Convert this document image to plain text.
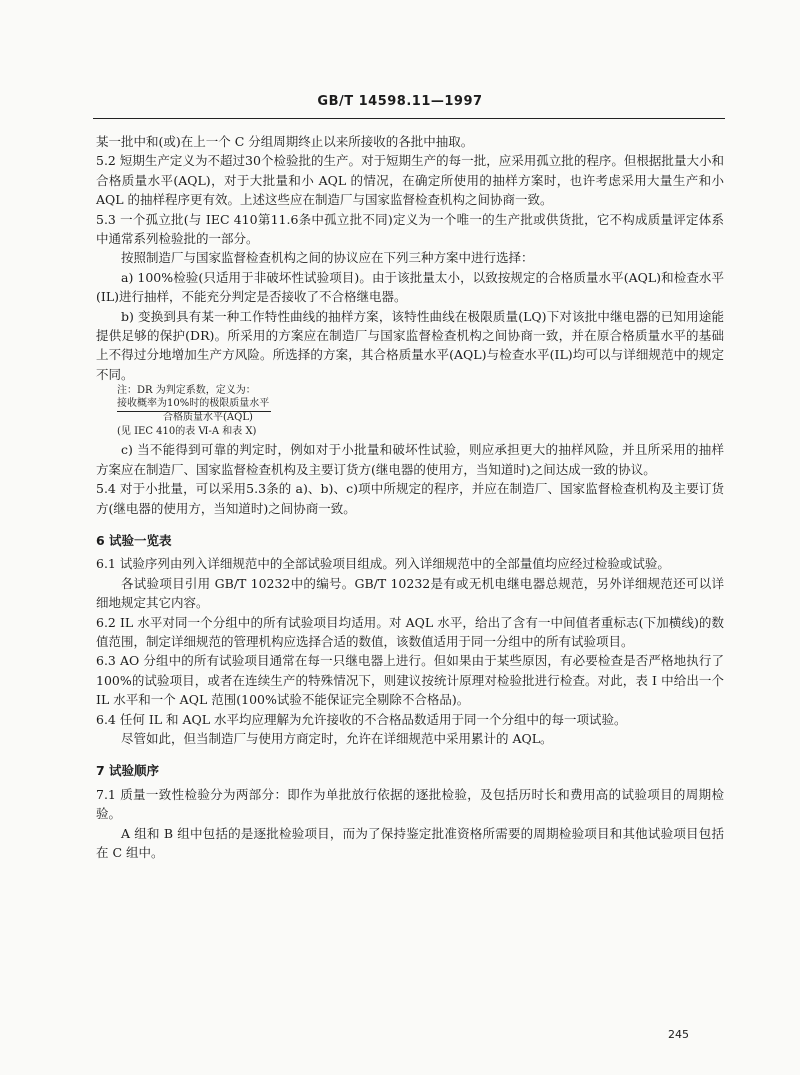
GB/T 14598.11—1997

某一批中和(或)在上一个 C 分组周期终止以来所接收的各批中抽取。

5.2 短期生产定义为不超过30个检验批的生产。对于短期生产的每一批，应采用孤立批的程序。但根据批量大小和合格质量水平(AQL)，对于大批量和小 AQL 的情况，在确定所使用的抽样方案时，也许考虑采用大量生产和小 AQL 的抽样程序更有效。上述这些应在制造厂与国家监督检查机构之间协商一致。

5.3 一个孤立批(与 IEC 410第11.6条中孤立批不同)定义为一个唯一的生产批或供货批，它不构成质量评定体系中通常系列检验批的一部分。

按照制造厂与国家监督检查机构之间的协议应在下列三种方案中进行选择：

a) 100%检验(只适用于非破坏性试验项目)。由于该批量太小，以致按规定的合格质量水平(AQL)和检查水平(IL)进行抽样，不能充分判定是否接收了不合格继电器。

b) 变换到具有某一种工作特性曲线的抽样方案，该特性曲线在极限质量(LQ)下对该批中继电器的已知用途能提供足够的保护(DR)。所采用的方案应在制造厂与国家监督检查机构之间协商一致，并在原合格质量水平的基础上不得过分地增加生产方风险。所选择的方案，其合格质量水平(AQL)与检查水平(IL)均可以与详细规范中的规定不同。

注：DR 为判定系数，定义为：

接收概率为10%时的极限质量水平
合格质量水平(AQL)

(见 IEC 410的表 Ⅵ-A 和表 Ⅹ)

c) 当不能得到可靠的判定时，例如对于小批量和破坏性试验，则应承担更大的抽样风险，并且所采用的抽样方案应在制造厂、国家监督检查机构及主要订货方(继电器的使用方，当知道时)之间达成一致的协议。

5.4 对于小批量，可以采用5.3条的 a)、b)、c)项中所规定的程序，并应在制造厂、国家监督检查机构及主要订货方(继电器的使用方，当知道时)之间协商一致。

6 试验一览表

6.1 试验序列由列入详细规范中的全部试验项目组成。列入详细规范中的全部量值均应经过检验或试验。

各试验项目引用 GB/T 10232中的编号。GB/T 10232是有或无机电继电器总规范，另外详细规范还可以详细地规定其它内容。

6.2 IL 水平对同一个分组中的所有试验项目均适用。对 AQL 水平，给出了含有一中间值者重标志(下加横线)的数值范围，制定详细规范的管理机构应选择合适的数值，该数值适用于同一分组中的所有试验项目。

6.3 AO 分组中的所有试验项目通常在每一只继电器上进行。但如果由于某些原因，有必要检查是否严格地执行了100%的试验项目，或者在连续生产的特殊情况下，则建议按统计原理对检验批进行检查。对此，表 Ⅰ 中给出一个 IL 水平和一个 AQL 范围(100%试验不能保证完全剔除不合格品)。

6.4 任何 IL 和 AQL 水平均应理解为允许接收的不合格品数适用于同一个分组中的每一项试验。

尽管如此，但当制造厂与使用方商定时，允许在详细规范中采用累计的 AQL。

7 试验顺序

7.1 质量一致性检验分为两部分：即作为单批放行依据的逐批检验，及包括历时长和费用高的试验项目的周期检验。

A 组和 B 组中包括的是逐批检验项目，而为了保持鉴定批准资格所需要的周期检验项目和其他试验项目包括在 C 组中。

245
